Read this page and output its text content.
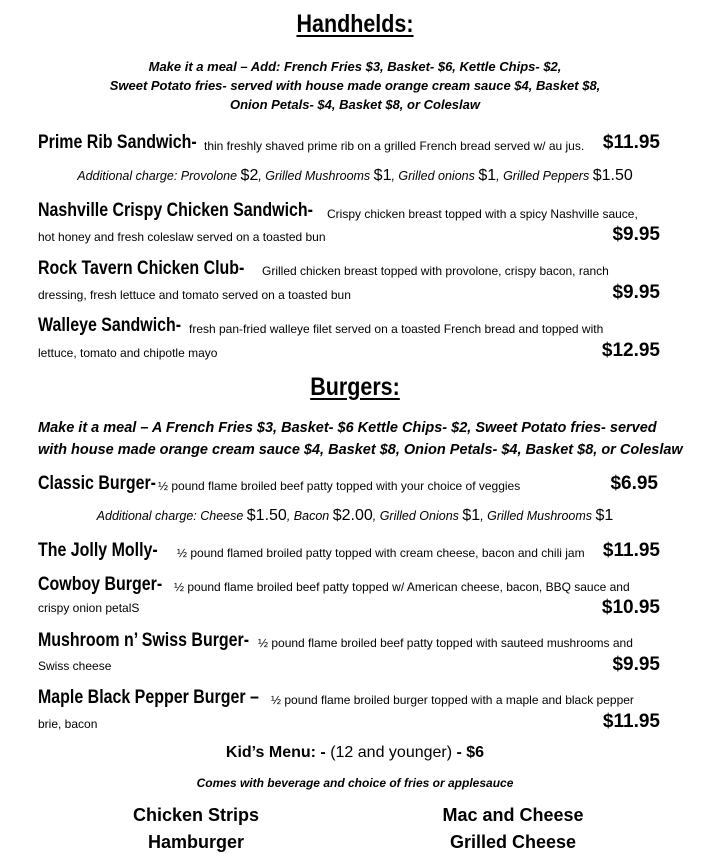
Handhelds:
Make it a meal – Add: French Fries $3, Basket- $6, Kettle Chips- $2,
Sweet Potato fries- served with house made orange cream sauce $4, Basket $8,
Onion Petals- $4, Basket $8, or Coleslaw
Prime Rib Sandwich- thin freshly shaved prime rib on a grilled French bread served w/ au jus. $11.95
Additional charge: Provolone $2, Grilled Mushrooms $1, Grilled onions $1, Grilled Peppers $1.50
Nashville Crispy Chicken Sandwich-	Crispy chicken breast topped with a spicy Nashville sauce,
hot honey and fresh coleslaw served on a toasted bun	$9.95
Rock Tavern Chicken Club-	Grilled chicken breast topped with provolone, crispy bacon, ranch
dressing, fresh lettuce and tomato served on a toasted bun	$9.95
Walleye Sandwich- fresh pan-fried walleye filet served on a toasted French bread and topped with
lettuce, tomato and chipotle mayo	$12.95
Burgers:
Make it a meal – A French Fries $3, Basket- $6 Kettle Chips- $2, Sweet Potato fries- served
with house made orange cream sauce $4, Basket $8, Onion Petals- $4, Basket $8, or Coleslaw
Classic Burger- ½ pound flame broiled beef patty topped with your choice of veggies	$6.95
Additional charge: Cheese $1.50, Bacon $2.00, Grilled Onions $1, Grilled Mushrooms $1
The Jolly Molly-	½ pound flamed broiled patty topped with cream cheese, bacon and chili jam $11.95
Cowboy Burger- ½ pound flame broiled beef patty topped w/ American cheese, bacon, BBQ sauce and
crispy onion petalS	$10.95
Mushroom n’ Swiss Burger- ½ pound flame broiled beef patty topped with sauteed mushrooms and
Swiss cheese	$9.95
Maple Black Pepper Burger –	½ pound flame broiled burger topped with a maple and black pepper
brie, bacon	$11.95
Kid’s Menu: - (12 and younger) - $6
Comes with beverage and choice of fries or applesauce
Chicken Strips	Mac and Cheese
Hamburger	Grilled Cheese
